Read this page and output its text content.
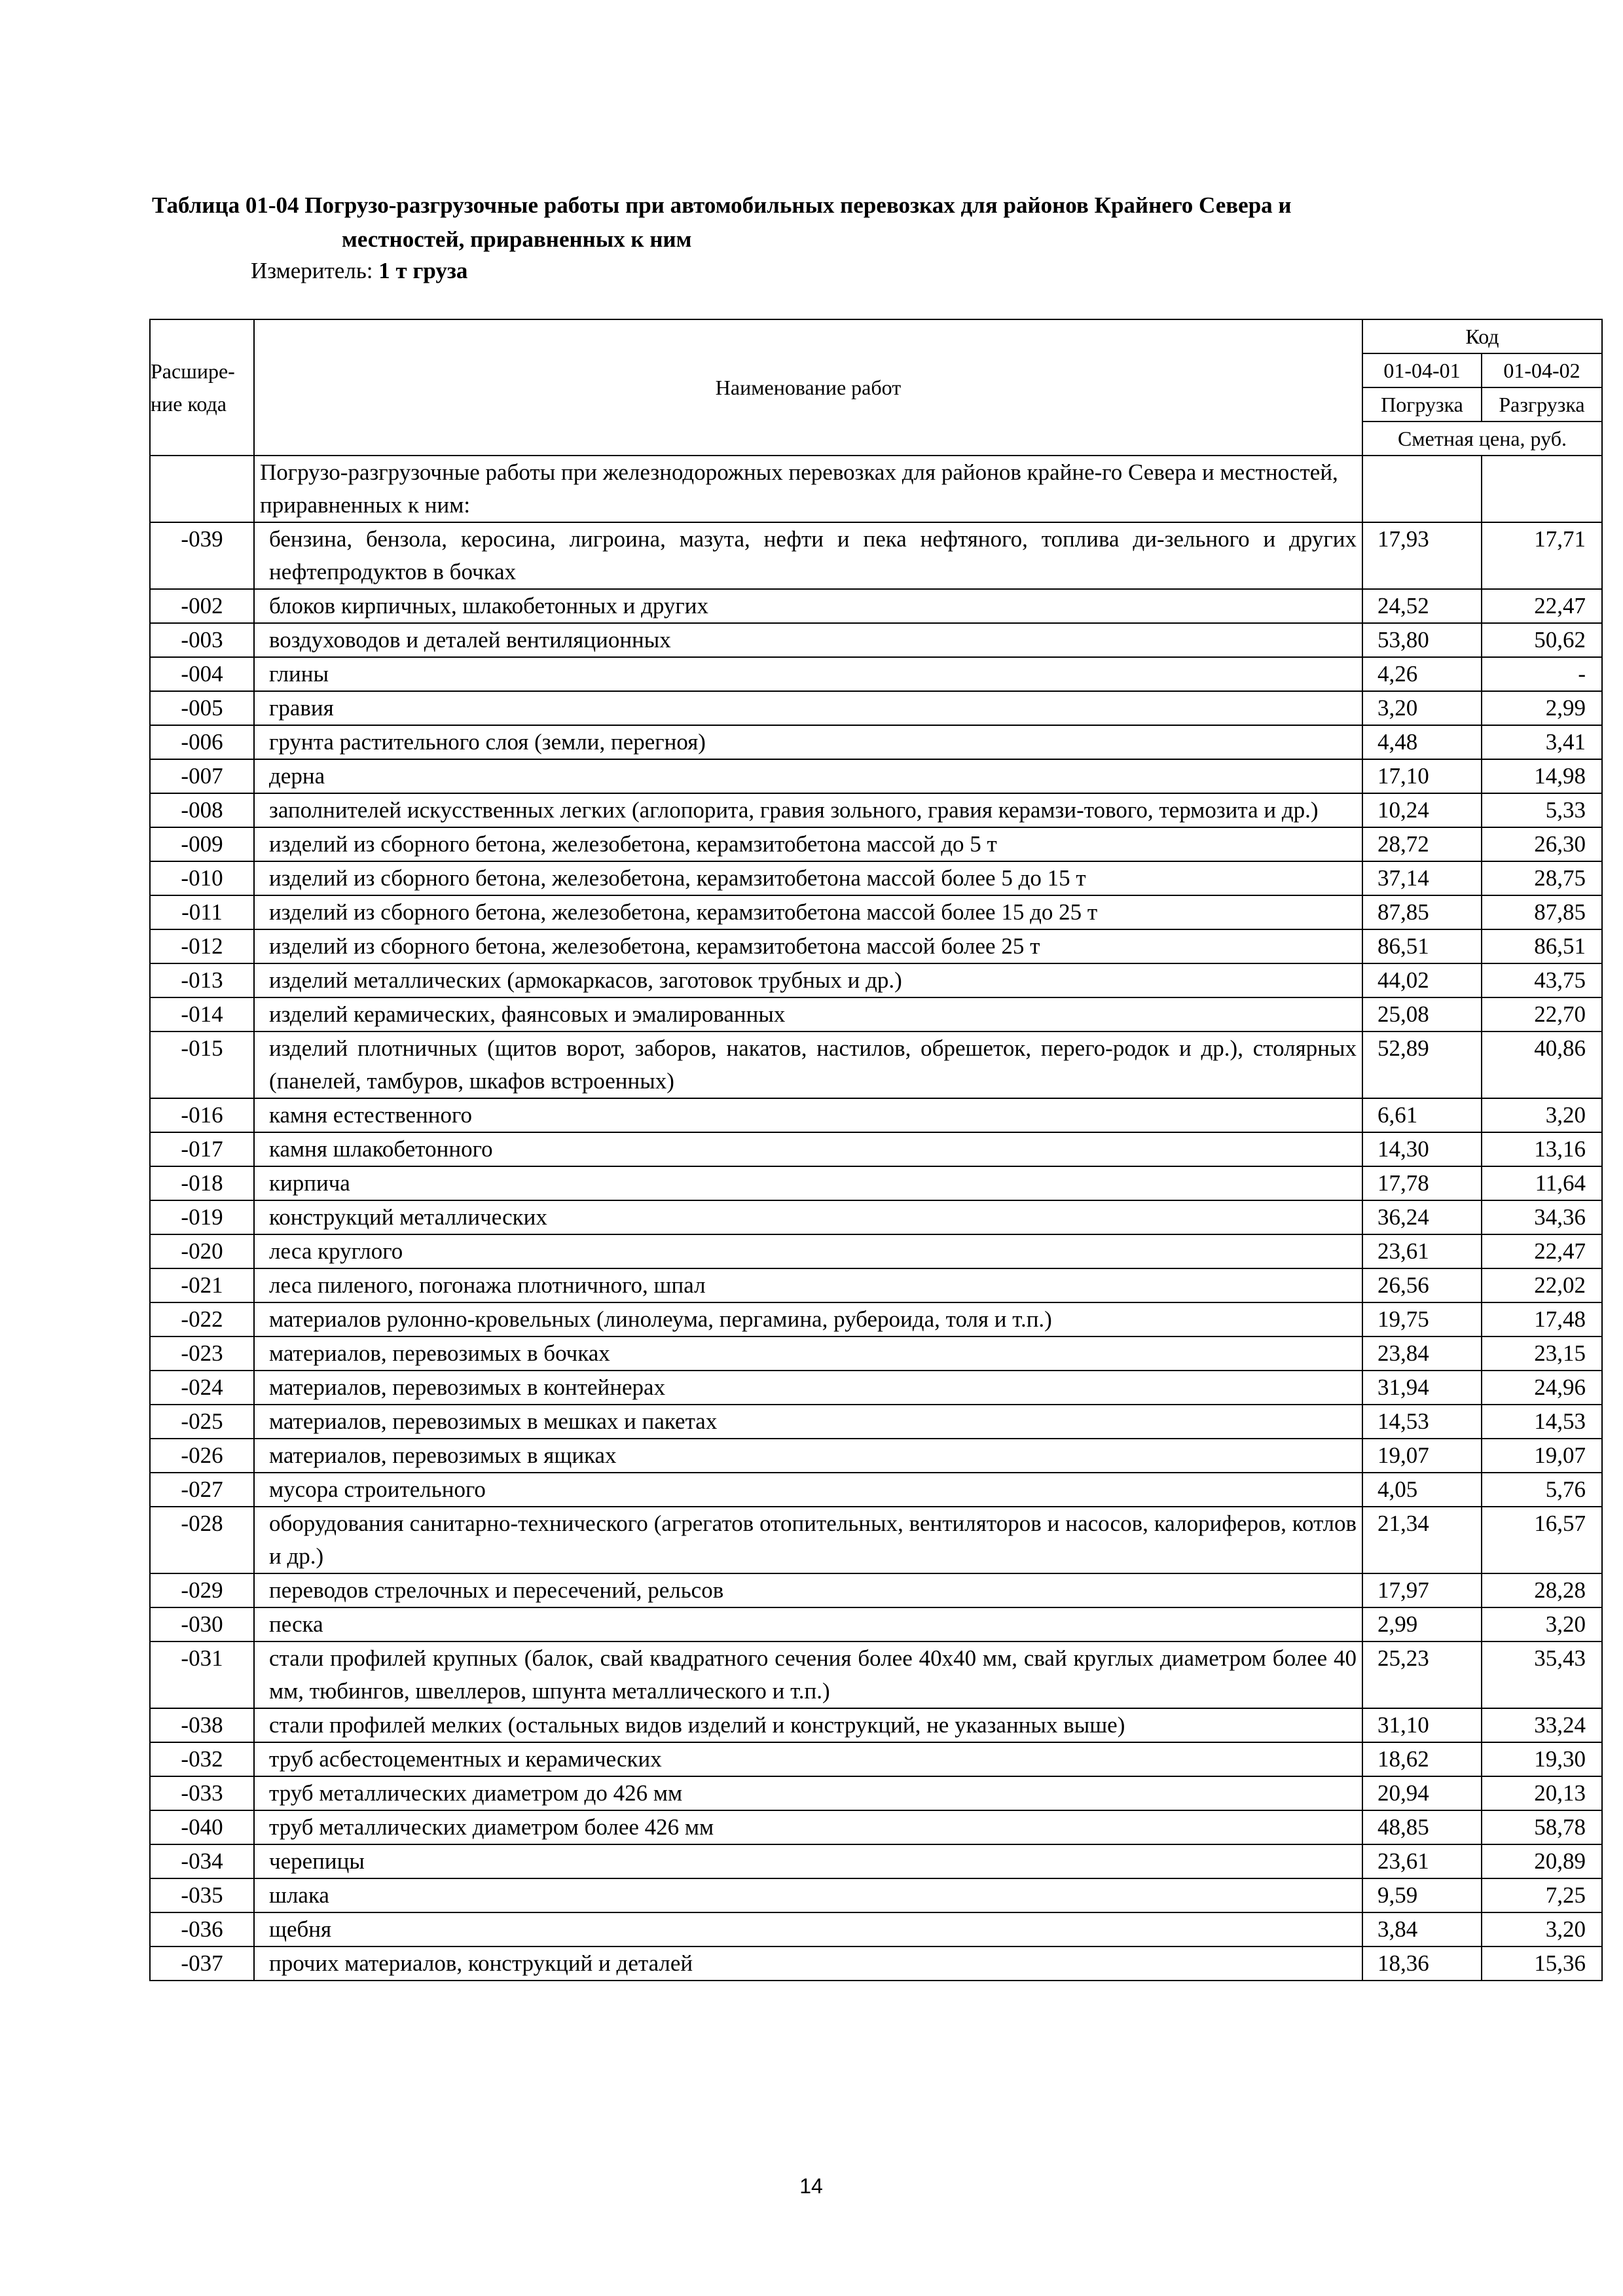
Таблица 01-04 Погрузо-разгрузочные работы при автомобильных перевозках для районов Крайнего Севера и
местностей, приравненных к ним
Измеритель: 1 т груза
Расшире-ние кода	Наименование работ	Код	
		01-04-01	01-04-02
		Погрузка	Разгрузка
		Сметная цена, руб.	
	Погрузо-разгрузочные работы при железнодорожных перевозках для районов крайне-го Севера и местностей, приравненных к ним:		
-039	бензина, бензола, керосина, лигроина, мазута, нефти и пека нефтяного, топлива ди-зельного и других нефтепродуктов в бочках	17,93	17,71
-002	блоков кирпичных, шлакобетонных и других	24,52	22,47
-003	воздуховодов и деталей вентиляционных	53,80	50,62
-004	глины	4,26	-
-005	гравия	3,20	2,99
-006	грунта растительного слоя (земли, перегноя)	4,48	3,41
-007	дерна	17,10	14,98
-008	заполнителей искусственных легких (аглопорита, гравия зольного, гравия керамзи-тового, термозита и др.)	10,24	5,33
-009	изделий из сборного бетона, железобетона, керамзитобетона массой до 5 т	28,72	26,30
-010	изделий из сборного бетона, железобетона, керамзитобетона массой более 5 до 15 т	37,14	28,75
-011	изделий из сборного бетона, железобетона, керамзитобетона массой более 15 до 25 т	87,85	87,85
-012	изделий из сборного бетона, железобетона, керамзитобетона массой более 25 т	86,51	86,51
-013	изделий металлических (армокаркасов, заготовок трубных и др.)	44,02	43,75
-014	изделий керамических, фаянсовых и эмалированных	25,08	22,70
-015	изделий плотничных (щитов ворот, заборов, накатов, настилов, обрешеток, перего-родок и др.), столярных (панелей, тамбуров, шкафов встроенных)	52,89	40,86
-016	камня естественного	6,61	3,20
-017	камня шлакобетонного	14,30	13,16
-018	кирпича	17,78	11,64
-019	конструкций металлических	36,24	34,36
-020	леса круглого	23,61	22,47
-021	леса пиленого, погонажа плотничного, шпал	26,56	22,02
-022	материалов рулонно-кровельных (линолеума, пергамина, рубероида, толя и т.п.)	19,75	17,48
-023	материалов, перевозимых в бочках	23,84	23,15
-024	материалов, перевозимых в контейнерах	31,94	24,96
-025	материалов, перевозимых в мешках и пакетах	14,53	14,53
-026	материалов, перевозимых в ящиках	19,07	19,07
-027	мусора строительного	4,05	5,76
-028	оборудования санитарно-технического (агрегатов отопительных, вентиляторов и насосов, калориферов, котлов и др.)	21,34	16,57
-029	переводов стрелочных и пересечений, рельсов	17,97	28,28
-030	песка	2,99	3,20
-031	стали профилей крупных (балок, свай квадратного сечения более 40х40 мм, свай круглых диаметром более 40 мм, тюбингов, швеллеров, шпунта металлического и т.п.)	25,23	35,43
-038	стали профилей мелких (остальных видов изделий и конструкций, не указанных выше)	31,10	33,24
-032	труб асбестоцементных и керамических	18,62	19,30
-033	труб металлических диаметром до 426 мм	20,94	20,13
-040	труб металлических диаметром более 426 мм	48,85	58,78
-034	черепицы	23,61	20,89
-035	шлака	9,59	7,25
-036	щебня	3,84	3,20
-037	прочих материалов, конструкций и деталей	18,36	15,36
14
